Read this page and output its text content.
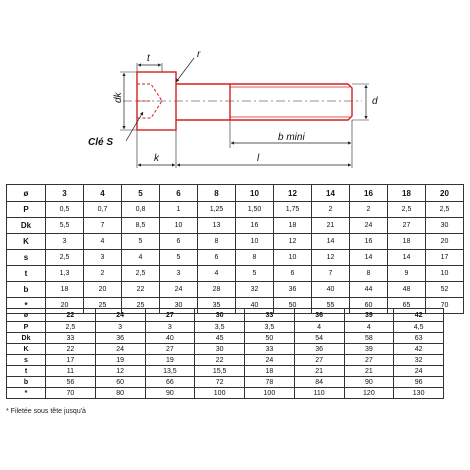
t	r
dk	d
Clé S	b mini
k	l
ø	3	4	5	6	8	10	12	14	16	18	20
P	0,5	0,7	0,8	1	1,25	1,50	1,75	2	2	2,5	2,5
Dk	5,5	7	8,5	10	13	16	18	21	24	27	30
K	3	4	5	6	8	10	12	14	16	18	20
s	2,5	3	4	5	6	8	10	12	14	14	17
t	1,3	2	2,5	3	4	5	6	7	8	9	10
b	18	20	22	24	28	32	36	40	44	48	52
*	20	25	25	30	35	40	50	55	60	65	70
ø	22	24	27	30	33	36	39	42
P	2,5	3	3	3,5	3,5	4	4	4,5
Dk	33	36	40	45	50	54	58	63
K	22	24	27	30	33	36	39	42
s	17	19	19	22	24	27	27	32
t	11	12	13,5	15,5	18	21	21	24
b	56	60	66	72	78	84	90	96
*	70	80	90	100	100	110	120	130
* Filetée sous tête jusqu'à
